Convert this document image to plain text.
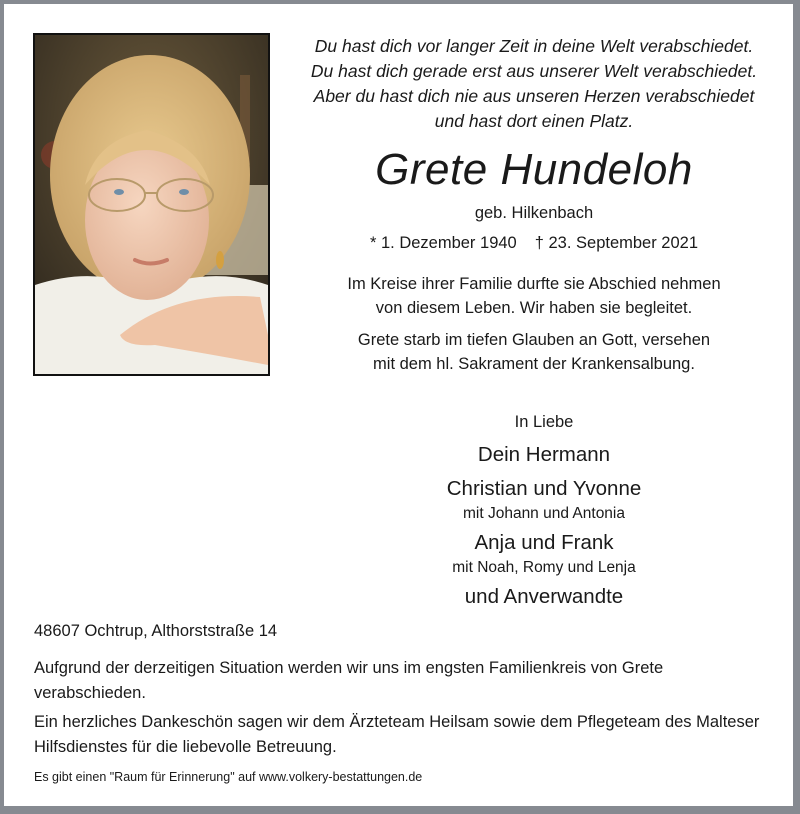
Du hast dich vor langer Zeit in deine Welt verabschiedet.
Du hast dich gerade erst aus unserer Welt verabschiedet.
Aber du hast dich nie aus unseren Herzen verabschiedet
und hast dort einen Platz.
Grete Hundeloh
geb. Hilkenbach
* 1. Dezember 1940 † 23. September 2021
Im Kreise ihrer Familie durfte sie Abschied nehmen
von diesem Leben. Wir haben sie begleitet.
Grete starb im tiefen Glauben an Gott, versehen
mit dem hl. Sakrament der Krankensalbung.
In Liebe
Dein Hermann
Christian und Yvonne
mit Johann und Antonia
Anja und Frank
mit Noah, Romy und Lenja
und Anverwandte
48607 Ochtrup, Althorststraße 14
Aufgrund der derzeitigen Situation werden wir uns im engsten Familienkreis von Grete verabschieden.
Ein herzliches Dankeschön sagen wir dem Ärzteteam Heilsam sowie dem Pflegeteam des Malteser Hilfsdienstes für die liebevolle Betreuung.
Es gibt einen "Raum für Erinnerung" auf www.volkery-bestattungen.de
